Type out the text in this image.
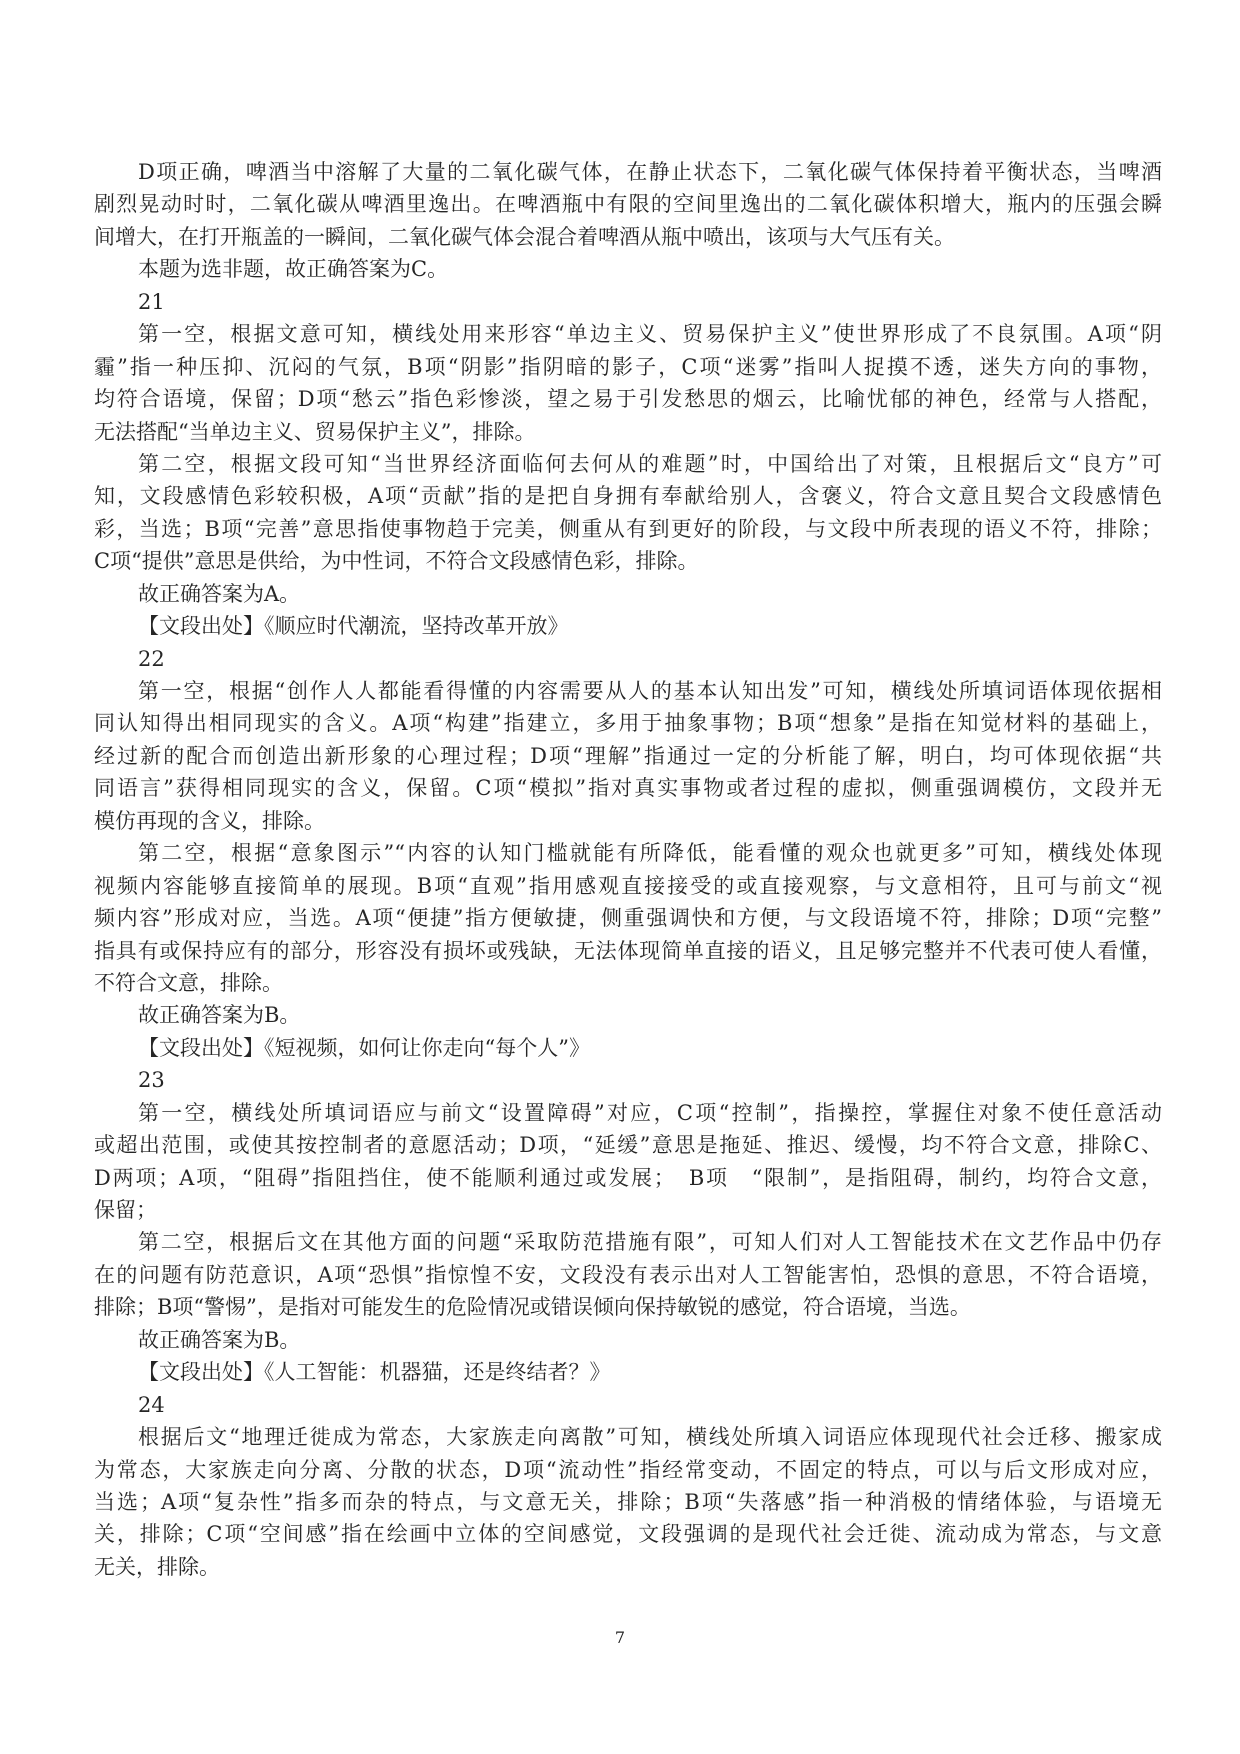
D项正确，啤酒当中溶解了大量的二氧化碳气体，在静止状态下，二氧化碳气体保持着平衡状态，当啤酒
剧烈晃动时时，二氧化碳从啤酒里逸出。在啤酒瓶中有限的空间里逸出的二氧化碳体积增大，瓶内的压强会瞬
间增大，在打开瓶盖的一瞬间，二氧化碳气体会混合着啤酒从瓶中喷出，该项与大气压有关。
本题为选非题，故正确答案为C。
21
第一空，根据文意可知，横线处用来形容“单边主义、贸易保护主义”使世界形成了不良氛围。A项“阴
霾”指一种压抑、沉闷的气氛，B项“阴影”指阴暗的影子，C项“迷雾”指叫人捉摸不透，迷失方向的事物，
均符合语境，保留；D项“愁云”指色彩惨淡，望之易于引发愁思的烟云，比喻忧郁的神色，经常与人搭配，
无法搭配“当单边主义、贸易保护主义”，排除。
第二空，根据文段可知“当世界经济面临何去何从的难题”时，中国给出了对策，且根据后文“良方”可
知，文段感情色彩较积极，A项“贡献”指的是把自身拥有奉献给别人，含褒义，符合文意且契合文段感情色
彩，当选；B项“完善”意思指使事物趋于完美，侧重从有到更好的阶段，与文段中所表现的语义不符，排除；
C项“提供”意思是供给，为中性词，不符合文段感情色彩，排除。
故正确答案为A。
【文段出处】《顺应时代潮流，坚持改革开放》
22
第一空，根据“创作人人都能看得懂的内容需要从人的基本认知出发”可知，横线处所填词语体现依据相
同认知得出相同现实的含义。A项“构建”指建立，多用于抽象事物；B项“想象”是指在知觉材料的基础上，
经过新的配合而创造出新形象的心理过程；D项“理解”指通过一定的分析能了解，明白，均可体现依据“共
同语言”获得相同现实的含义，保留。C项“模拟”指对真实事物或者过程的虚拟，侧重强调模仿，文段并无
模仿再现的含义，排除。
第二空，根据“意象图示”“内容的认知门槛就能有所降低，能看懂的观众也就更多”可知，横线处体现
视频内容能够直接简单的展现。B项“直观”指用感观直接接受的或直接观察，与文意相符，且可与前文“视
频内容”形成对应，当选。A项“便捷”指方便敏捷，侧重强调快和方便，与文段语境不符，排除；D项“完整”
指具有或保持应有的部分，形容没有损坏或残缺，无法体现简单直接的语义，且足够完整并不代表可使人看懂，
不符合文意，排除。
故正确答案为B。
【文段出处】《短视频，如何让你走向“每个人”》
23
第一空，横线处所填词语应与前文“设置障碍”对应，C项“控制”，指操控，掌握住对象不使任意活动
或超出范围，或使其按控制者的意愿活动；D项，“延缓”意思是拖延、推迟、缓慢，均不符合文意，排除C、
D两项；A项，“阻碍”指阻挡住，使不能顺利通过或发展；　B项　“限制”，是指阻碍，制约，均符合文意，
保留；
第二空，根据后文在其他方面的问题“采取防范措施有限”，可知人们对人工智能技术在文艺作品中仍存
在的问题有防范意识，A项“恐惧”指惊惶不安，文段没有表示出对人工智能害怕，恐惧的意思，不符合语境，
排除；B项“警惕”，是指对可能发生的危险情况或错误倾向保持敏锐的感觉，符合语境，当选。
故正确答案为B。
【文段出处】《人工智能：机器猫，还是终结者？》
24
根据后文“地理迁徙成为常态，大家族走向离散”可知，横线处所填入词语应体现现代社会迁移、搬家成
为常态，大家族走向分离、分散的状态，D项“流动性”指经常变动，不固定的特点，可以与后文形成对应，
当选；A项“复杂性”指多而杂的特点，与文意无关，排除；B项“失落感”指一种消极的情绪体验，与语境无
关，排除；C项“空间感”指在绘画中立体的空间感觉，文段强调的是现代社会迁徙、流动成为常态，与文意
无关，排除。
7
